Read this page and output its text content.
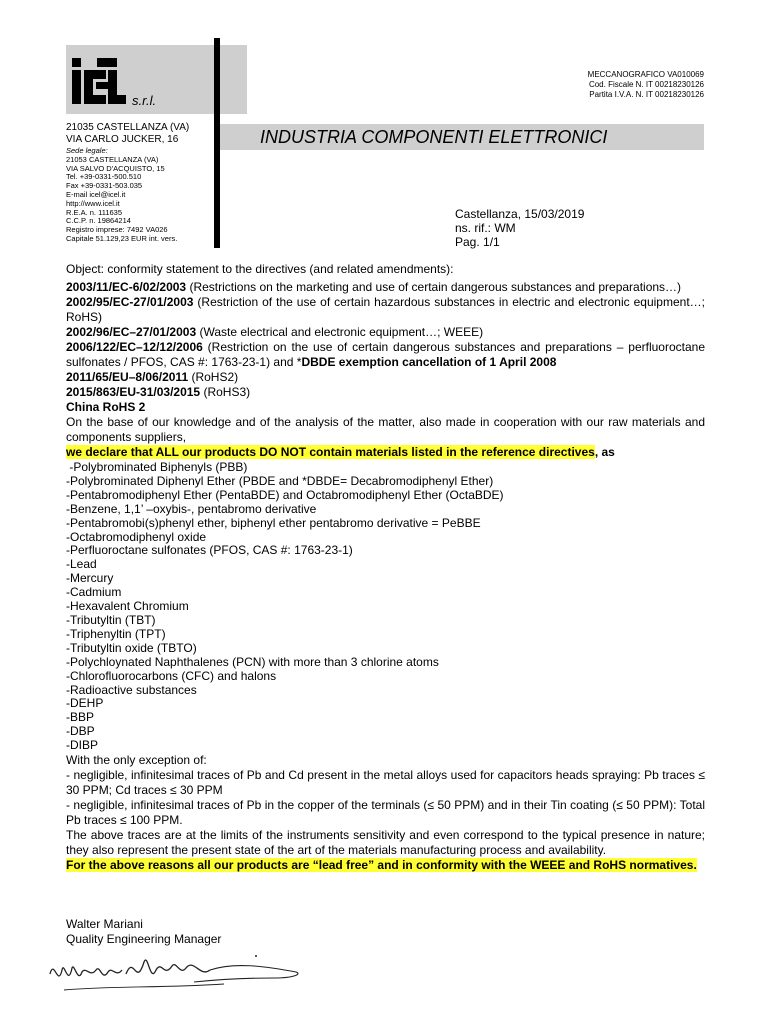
s.r.l.
MECCANOGRAFICO VA010069
Cod. Fiscale N. IT 00218230126
Partita I.V.A. N. IT 00218230126
INDUSTRIA COMPONENTI ELETTRONICI
21035 CASTELLANZA (VA)
VIA CARLO JUCKER, 16
Sede legale:
21053 CASTELLANZA (VA)
VIA SALVO D'ACQUISTO, 15
Tel. +39-0331-500.510
Fax +39-0331-503.035
E-mail icel@icel.it
http://www.icel.it
R.E.A. n. 111635
C.C.P. n. 19864214
Registro imprese: 7492 VA026
Capitale 51.129,23 EUR int. vers.
Castellanza, 15/03/2019
ns. rif.: WM
Pag. 1/1

Object: conformity statement to the directives (and related amendments):

2003/11/EC-6/02/2003 (Restrictions on the marketing and use of certain dangerous substances and preparations…)

2002/95/EC-27/01/2003 (Restriction of the use of certain hazardous substances in electric and electronic equipment…; RoHS)

2002/96/EC–27/01/2003 (Waste electrical and electronic equipment…; WEEE)

2006/122/EC–12/12/2006 (Restriction on the use of certain dangerous substances and preparations – perfluoroctane sulfonates / PFOS, CAS #: 1763-23-1) and *DBDE exemption cancellation of 1 April 2008

2011/65/EU–8/06/2011 (RoHS2)

2015/863/EU-31/03/2015 (RoHS3)

China RoHS 2

On the base of our knowledge and of the analysis of the matter, also made in cooperation with our raw materials and components suppliers,

we declare that ALL our products DO NOT contain materials listed in the reference directives, as

-Polybrominated Biphenyls (PBB)
-Polybrominated Diphenyl Ether (PBDE and *DBDE= Decabromodiphenyl Ether)
-Pentabromodiphenyl Ether (PentaBDE) and Octabromodiphenyl Ether (OctaBDE)
-Benzene, 1,1’ –oxybis-, pentabromo derivative
-Pentabromobi(s)phenyl ether, biphenyl ether pentabromo derivative = PeBBE
-Octabromodiphenyl oxide
-Perfluoroctane sulfonates (PFOS, CAS #: 1763-23-1)
-Lead
-Mercury
-Cadmium
-Hexavalent Chromium
-Tributyltin (TBT)
-Triphenyltin (TPT)
-Tributyltin oxide (TBTO)
-Polychloynated Naphthalenes (PCN) with more than 3 chlorine atoms
-Chlorofluorocarbons (CFC) and halons
-Radioactive substances
-DEHP
-BBP
-DBP
-DIBP

With the only exception of:

- negligible, infinitesimal traces of Pb and Cd present in the metal alloys used for capacitors heads spraying: Pb traces ≤ 30 PPM; Cd traces ≤ 30 PPM

- negligible, infinitesimal traces of Pb in the copper of the terminals (≤ 50 PPM) and in their Tin coating (≤ 50 PPM): Total Pb traces ≤ 100 PPM.

The above traces are at the limits of the instruments sensitivity and even correspond to the typical presence in nature; they also represent the present state of the art of the materials manufacturing process and availability.

For the above reasons all our products are “lead free” and in conformity with the WEEE and RoHS normatives.

Walter Mariani
Quality Engineering Manager
